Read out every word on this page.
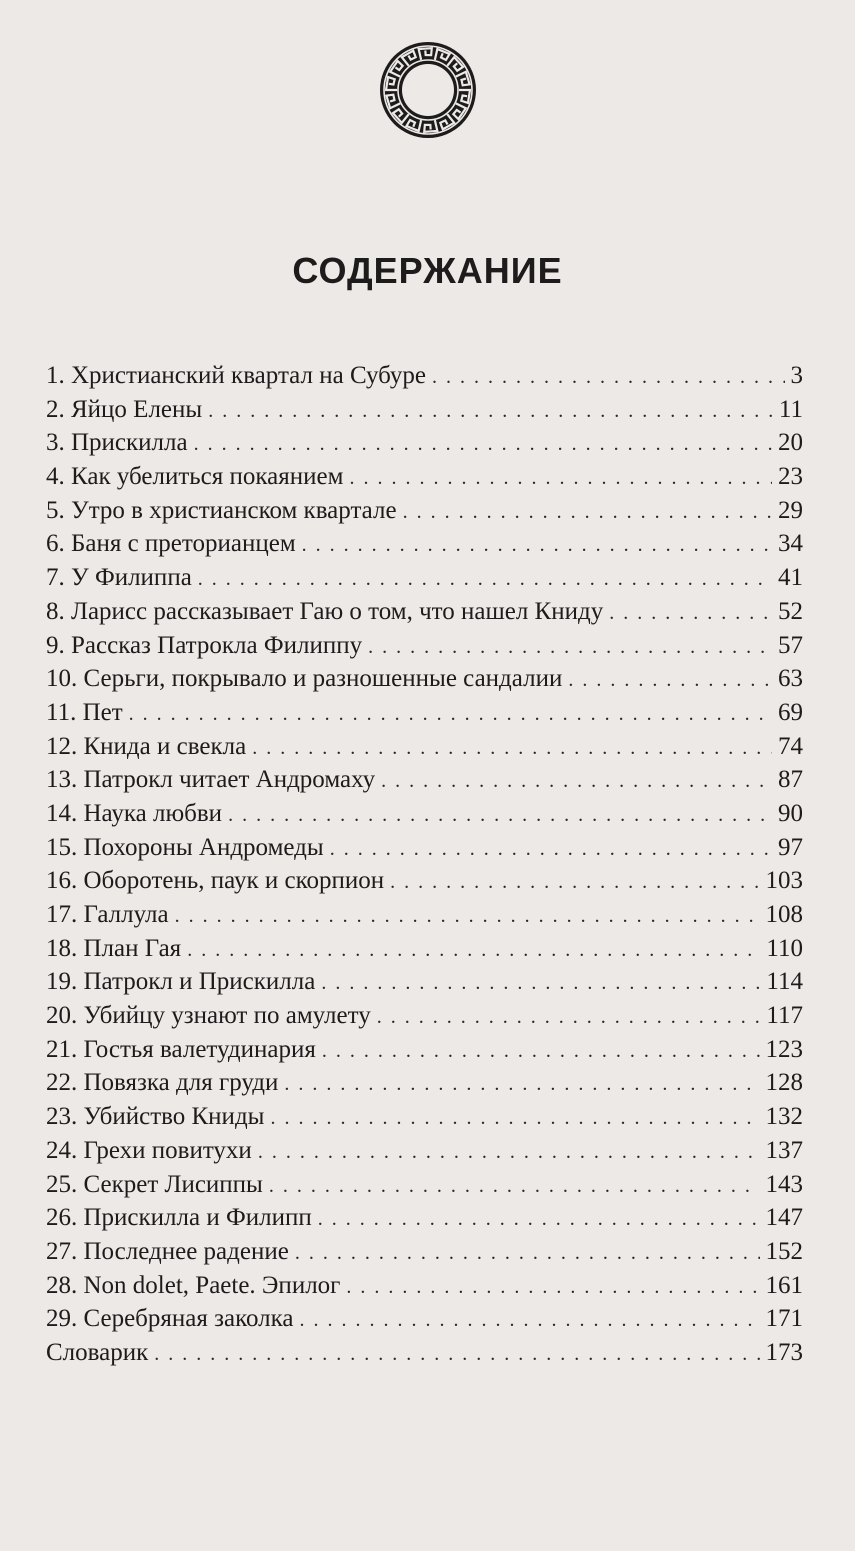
СОДЕРЖАНИЕ
1. Христианский квартал на Субуре . . .	3
2. Яйцо Елены . . .	11
3. Прискилла . . .	20
4. Как убелиться покаянием . . .	23
5. Утро в христианском квартале . . .	29
6. Баня с преторианцем . . .	34
7. У Филиппа . . .	41
8. Ларисс рассказывает Гаю о том, что нашел Книду . . .	52
9. Рассказ Патрокла Филиппу . . .	57
10. Серьги, покрывало и разношенные сандалии . . .	63
11. Пет . . .	69
12. Книда и свекла . . .	74
13. Патрокл читает Андромаху . . .	87
14. Наука любви . . .	90
15. Похороны Андромеды . . .	97
16. Оборотень, паук и скорпион . . .	103
17. Галлула . . .	108
18. План Гая . . .	110
19. Патрокл и Прискилла . . .	114
20. Убийцу узнают по амулету . . .	117
21. Гостья валетудинария . . .	123
22. Повязка для груди . . .	128
23. Убийство Книды . . .	132
24. Грехи повитухи . . .	137
25. Секрет Лисиппы . . .	143
26. Прискилла и Филипп . . .	147
27. Последнее радение . . .	152
28. Non dolet, Paete. Эпилог . . .	161
29. Серебряная заколка . . .	171
Словарик . . .	173
